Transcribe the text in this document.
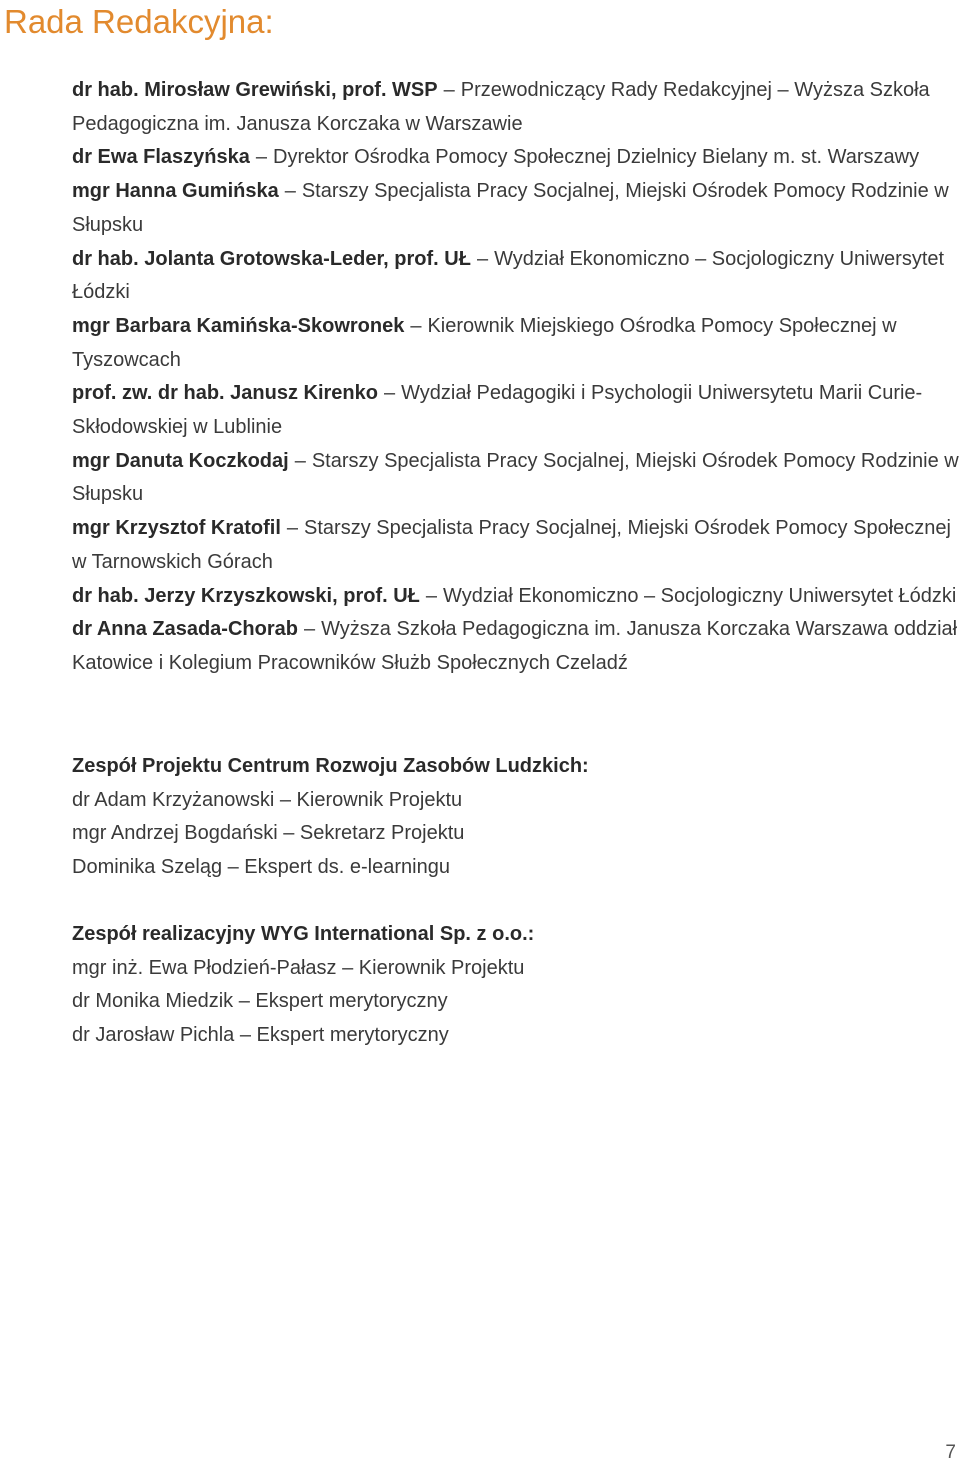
Rada Redakcyjna:

dr hab. Mirosław Grewiński, prof. WSP – Przewodniczący Rady Redakcyjnej – Wyższa Szkoła Pedagogiczna im. Janusza Korczaka w Warszawie

dr Ewa Flaszyńska – Dyrektor Ośrodka Pomocy Społecznej Dzielnicy Bielany m. st. Warszawy

mgr Hanna Gumińska – Starszy Specjalista Pracy Socjalnej, Miejski Ośrodek Pomocy Rodzinie w Słupsku

dr hab. Jolanta Grotowska-Leder, prof. UŁ – Wydział Ekonomiczno – Socjologiczny Uniwersytet Łódzki

mgr Barbara Kamińska-Skowronek – Kierownik Miejskiego Ośrodka Pomocy Społecznej w Tyszowcach

prof. zw. dr hab. Janusz Kirenko – Wydział Pedagogiki i Psychologii Uniwersytetu Marii Curie-Skłodowskiej w Lublinie

mgr Danuta Koczkodaj – Starszy Specjalista Pracy Socjalnej, Miejski Ośrodek Pomocy Rodzinie w Słupsku

mgr Krzysztof Kratofil – Starszy Specjalista Pracy Socjalnej, Miejski Ośrodek Pomocy Społecznej w Tarnowskich Górach

dr hab. Jerzy Krzyszkowski, prof. UŁ – Wydział Ekonomiczno – Socjologiczny Uniwersytet Łódzki

dr Anna Zasada-Chorab – Wyższa Szkoła Pedagogiczna im. Janusza Korczaka Warszawa oddział Katowice i Kolegium Pracowników Służb Społecznych Czeladź

Zespół Projektu Centrum Rozwoju Zasobów Ludzkich:

dr Adam Krzyżanowski – Kierownik Projektu

mgr Andrzej Bogdański – Sekretarz Projektu

Dominika Szeląg – Ekspert ds. e-learningu

Zespół realizacyjny WYG International Sp. z o.o.:

mgr inż. Ewa Płodzień-Pałasz – Kierownik Projektu

dr Monika Miedzik – Ekspert merytoryczny

dr Jarosław Pichla – Ekspert merytoryczny

7
